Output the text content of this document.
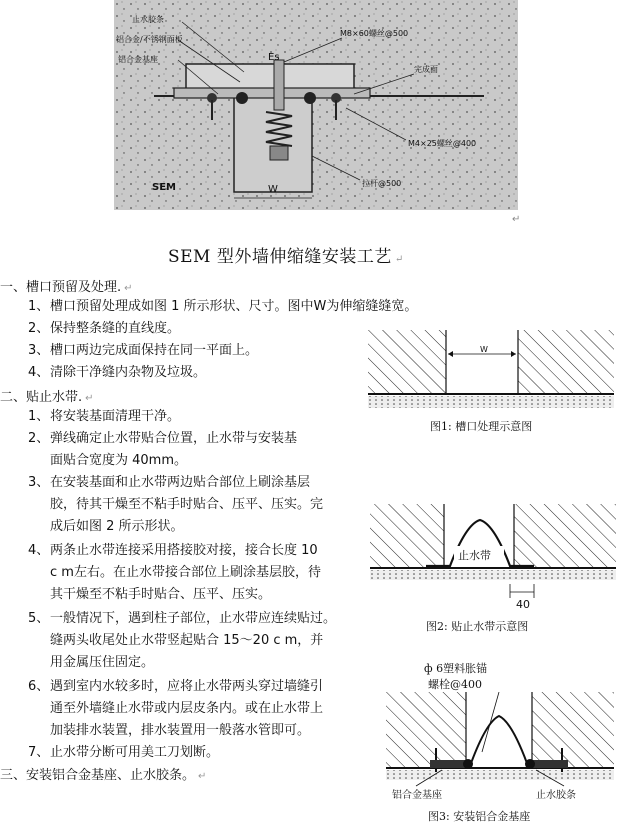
止水胶条
铝合金/不锈钢面板
铝合金基座
M8×60螺丝@500
Es
完成面
M4×25螺丝@400
拉杆@500
W
SEM
↵
SEM 型外墙伸缩缝安装工艺 ↵
一、槽口预留及处理. ↵
1、 槽口预留处理成如图 1 所示形状、尺寸。图中W为伸缩缝缝宽。
2、 保持整条缝的直线度。
3、 槽口两边完成面保持在同一平面上。
4、 清除干净缝内杂物及垃圾。
二、贴止水带. ↵
1、 将安装基面清理干净。
2、 弹线确定止水带贴合位置，止水带与安装基
面贴合宽度为 40mm。
3、 在安装基面和止水带两边贴合部位上刷涂基层
胶，待其干燥至不粘手时贴合、压平、压实。完
成后如图 2 所示形状。
4、 两条止水带连接采用搭接胶对接，接合长度 10
c m左右。在止水带接合部位上刷涂基层胶，待
其干燥至不粘手时贴合、压平、压实。
5、 一般情况下，遇到柱子部位，止水带应连续贴过。
缝两头收尾处止水带竖起贴合 15～20 c m，并
用金属压住固定。
6、 遇到室内水较多时，应将止水带两头穿过墙缝引
通至外墙缝止水带或内层皮条内。或在止水带上
加装排水装置，排水装置用一般落水管即可。
7、 止水带分断可用美工刀划断。
三、安装铝合金基座、止水胶条。 ↵
W
图1: 槽口处理示意图
止水带
40
图2: 贴止水带示意图
ф 6塑料胀锚
螺栓@400
铝合金基座	止水胶条
图3: 安装铝合金基座
